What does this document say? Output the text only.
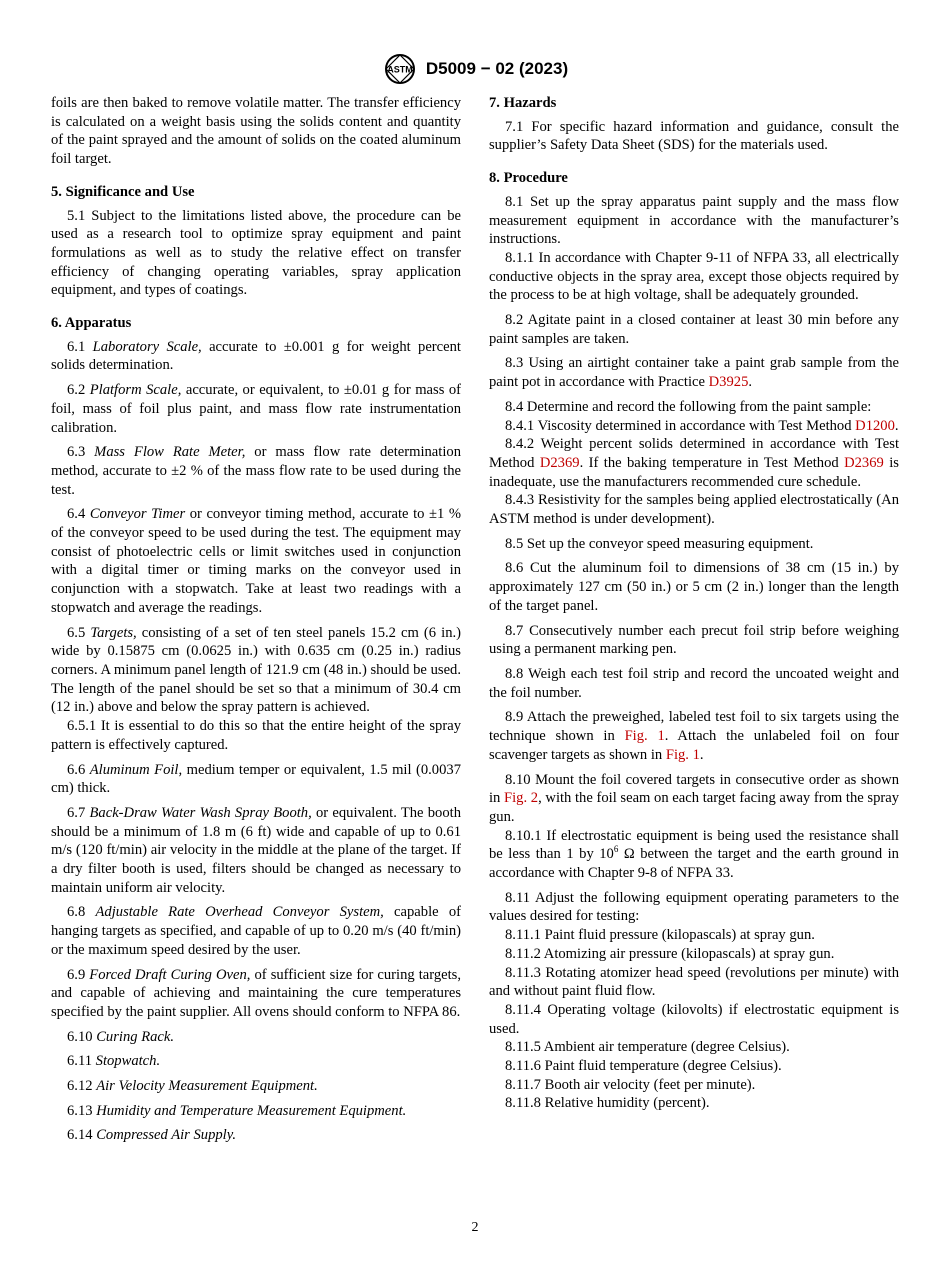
ASTM D5009 − 02 (2023)

foils are then baked to remove volatile matter. The transfer efficiency is calculated on a weight basis using the solids content and quantity of the paint sprayed and the amount of solids on the coated aluminum foil target.

5. Significance and Use

5.1 Subject to the limitations listed above, the procedure can be used as a research tool to optimize spray equipment and paint formulations as well as to study the relative effect on transfer efficiency of changing operating variables, spray application equipment, and types of coatings.

6. Apparatus

6.1 Laboratory Scale, accurate to ±0.001 g for weight percent solids determination.

6.2 Platform Scale, accurate, or equivalent, to ±0.01 g for mass of foil, mass of foil plus paint, and mass flow rate instrumentation calibration.

6.3 Mass Flow Rate Meter, or mass flow rate determination method, accurate to ±2 % of the mass flow rate to be used during the test.

6.4 Conveyor Timer or conveyor timing method, accurate to ±1 % of the conveyor speed to be used during the test. The equipment may consist of photoelectric cells or limit switches used in conjunction with a digital timer or timing marks on the conveyor used in conjunction with a stopwatch. Take at least two readings with a stopwatch and average the readings.

6.5 Targets, consisting of a set of ten steel panels 15.2 cm (6 in.) wide by 0.15875 cm (0.0625 in.) with 0.635 cm (0.25 in.) radius corners. A minimum panel length of 121.9 cm (48 in.) should be used. The length of the panel should be set so that a minimum of 30.4 cm (12 in.) above and below the spray pattern is achieved.

6.5.1 It is essential to do this so that the entire height of the spray pattern is effectively captured.

6.6 Aluminum Foil, medium temper or equivalent, 1.5 mil (0.0037 cm) thick.

6.7 Back-Draw Water Wash Spray Booth, or equivalent. The booth should be a minimum of 1.8 m (6 ft) wide and capable of up to 0.61 m/s (120 ft/min) air velocity in the middle at the plane of the target. If a dry filter booth is used, filters should be changed as necessary to maintain uniform air velocity.

6.8 Adjustable Rate Overhead Conveyor System, capable of hanging targets as specified, and capable of up to 0.20 m/s (40 ft/min) or the maximum speed desired by the user.

6.9 Forced Draft Curing Oven, of sufficient size for curing targets, and capable of achieving and maintaining the cure temperatures specified by the paint supplier. All ovens should conform to NFPA 86.

6.10 Curing Rack.

6.11 Stopwatch.

6.12 Air Velocity Measurement Equipment.

6.13 Humidity and Temperature Measurement Equipment.

6.14 Compressed Air Supply.

7. Hazards

7.1 For specific hazard information and guidance, consult the supplier’s Safety Data Sheet (SDS) for the materials used.

8. Procedure

8.1 Set up the spray apparatus paint supply and the mass flow measurement equipment in accordance with the manufacturer’s instructions.

8.1.1 In accordance with Chapter 9-11 of NFPA 33, all electrically conductive objects in the spray area, except those objects required by the process to be at high voltage, shall be adequately grounded.

8.2 Agitate paint in a closed container at least 30 min before any paint samples are taken.

8.3 Using an airtight container take a paint grab sample from the paint pot in accordance with Practice D3925.

8.4 Determine and record the following from the paint sample:

8.4.1 Viscosity determined in accordance with Test Method D1200.

8.4.2 Weight percent solids determined in accordance with Test Method D2369. If the baking temperature in Test Method D2369 is inadequate, use the manufacturers recommended cure schedule.

8.4.3 Resistivity for the samples being applied electrostatically (An ASTM method is under development).

8.5 Set up the conveyor speed measuring equipment.

8.6 Cut the aluminum foil to dimensions of 38 cm (15 in.) by approximately 127 cm (50 in.) or 5 cm (2 in.) longer than the length of the target panel.

8.7 Consecutively number each precut foil strip before weighing using a permanent marking pen.

8.8 Weigh each test foil strip and record the uncoated weight and the foil number.

8.9 Attach the preweighed, labeled test foil to six targets using the technique shown in Fig. 1. Attach the unlabeled foil on four scavenger targets as shown in Fig. 1.

8.10 Mount the foil covered targets in consecutive order as shown in Fig. 2, with the foil seam on each target facing away from the spray gun.

8.10.1 If electrostatic equipment is being used the resistance shall be less than 1 by $10^6$ Ω between the target and the earth ground in accordance with Chapter 9-8 of NFPA 33.

8.11 Adjust the following equipment operating parameters to the values desired for testing:

8.11.1 Paint fluid pressure (kilopascals) at spray gun.

8.11.2 Atomizing air pressure (kilopascals) at spray gun.

8.11.3 Rotating atomizer head speed (revolutions per minute) with and without paint fluid flow.

8.11.4 Operating voltage (kilovolts) if electrostatic equipment is used.

8.11.5 Ambient air temperature (degree Celsius).

8.11.6 Paint fluid temperature (degree Celsius).

8.11.7 Booth air velocity (feet per minute).

8.11.8 Relative humidity (percent).

2
